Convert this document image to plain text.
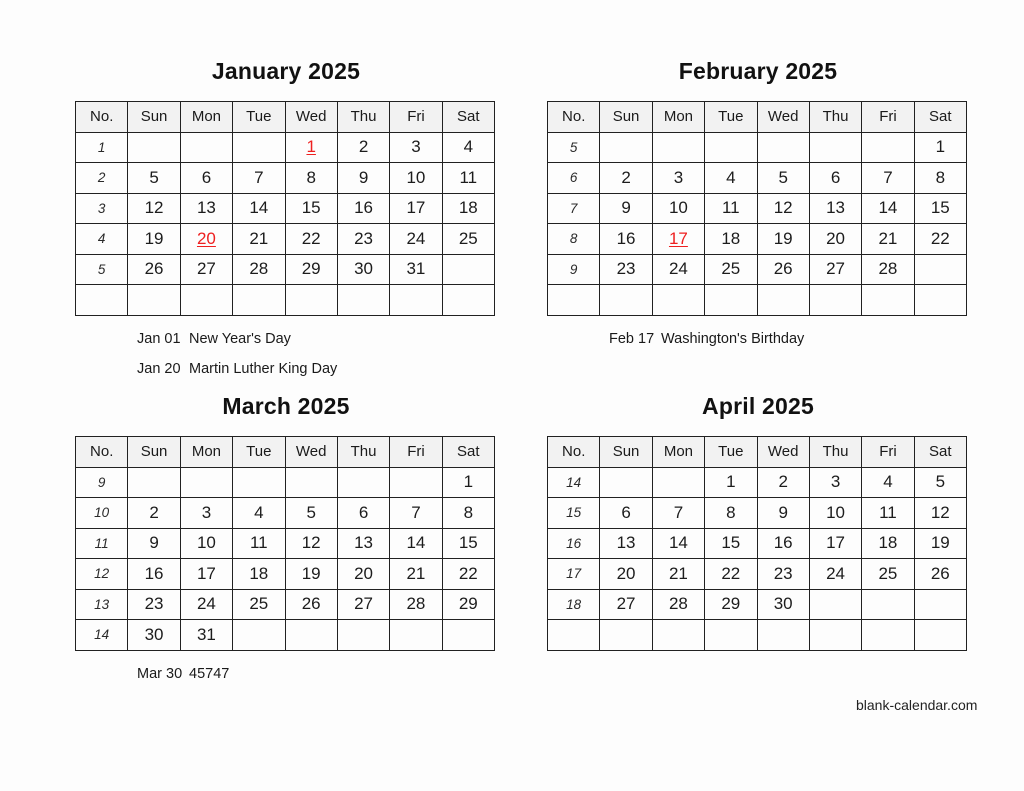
January 2025
No.	Sun	Mon	Tue	Wed	Thu	Fri	Sat
1				1	2	3	4
2	5	6	7	8	9	10	11
3	12	13	14	15	16	17	18
4	19	20	21	22	23	24	25
5	26	27	28	29	30	31	

Jan 01 New Year's Day
Jan 20 Martin Luther King Day
February 2025
No.	Sun	Mon	Tue	Wed	Thu	Fri	Sat
5							1
6	2	3	4	5	6	7	8
7	9	10	11	12	13	14	15
8	16	17	18	19	20	21	22
9	23	24	25	26	27	28	

Feb 17 Washington's Birthday
March 2025
No.	Sun	Mon	Tue	Wed	Thu	Fri	Sat
9							1
10	2	3	4	5	6	7	8
11	9	10	11	12	13	14	15
12	16	17	18	19	20	21	22
13	23	24	25	26	27	28	29
14	30	31					
Mar 30 45747
April 2025
No.	Sun	Mon	Tue	Wed	Thu	Fri	Sat
14			1	2	3	4	5
15	6	7	8	9	10	11	12
16	13	14	15	16	17	18	19
17	20	21	22	23	24	25	26
18	27	28	29	30			

blank-calendar.com
